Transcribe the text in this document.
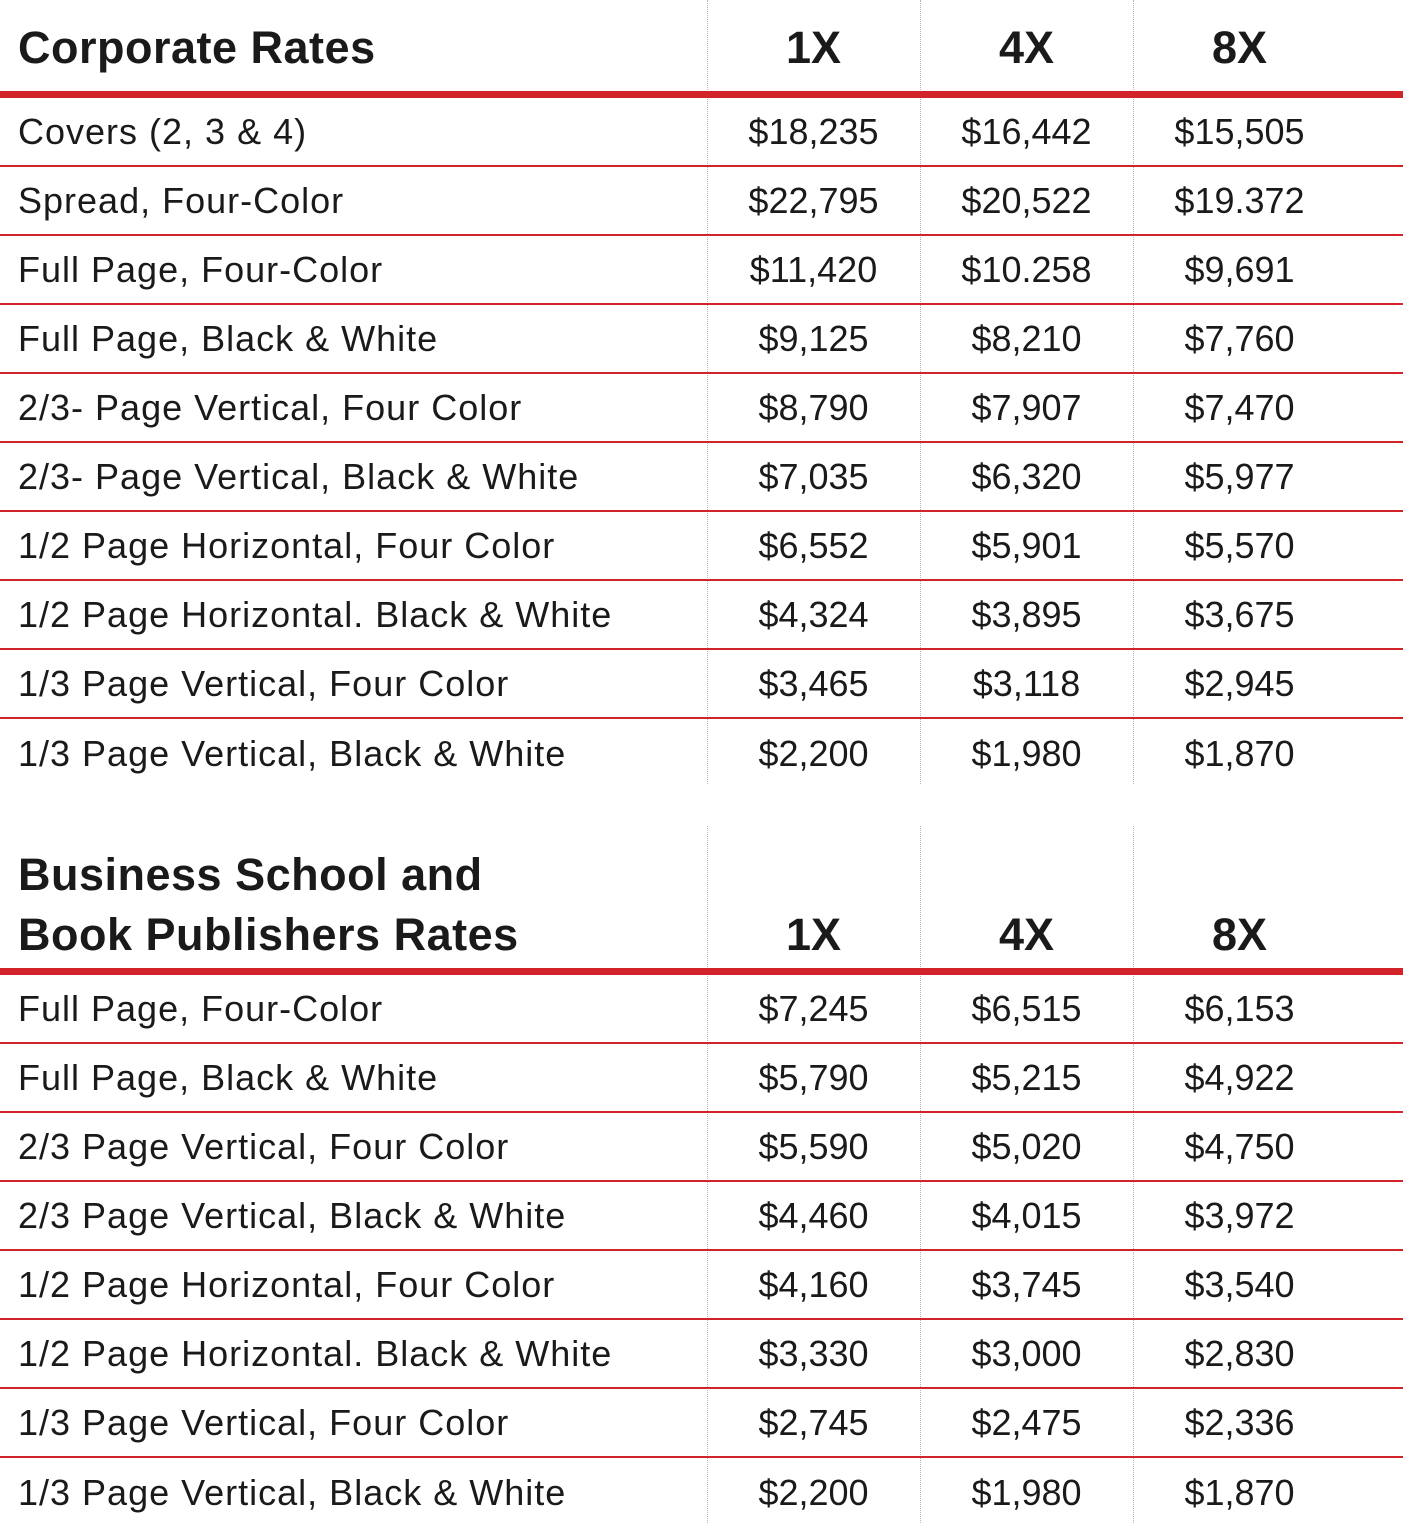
Corporate Rates	1X	4X	8X
Covers (2, 3 & 4)	$18,235	$16,442	$15,505
Spread, Four-Color	$22,795	$20,522	$19.372
Full Page, Four-Color	$11,420	$10.258	$9,691
Full Page, Black & White	$9,125	$8,210	$7,760
2/3- Page Vertical, Four Color	$8,790	$7,907	$7,470
2/3- Page Vertical, Black & White	$7,035	$6,320	$5,977
1/2 Page Horizontal, Four Color	$6,552	$5,901	$5,570
1/2 Page Horizontal. Black & White	$4,324	$3,895	$3,675
1/3 Page Vertical, Four Color	$3,465	$3,118	$2,945
1/3 Page Vertical, Black & White	$2,200	$1,980	$1,870
Business School and
Book Publishers Rates	1X	4X	8X
Full Page, Four-Color	$7,245	$6,515	$6,153
Full Page, Black & White	$5,790	$5,215	$4,922
2/3 Page Vertical, Four Color	$5,590	$5,020	$4,750
2/3 Page Vertical, Black & White	$4,460	$4,015	$3,972
1/2 Page Horizontal, Four Color	$4,160	$3,745	$3,540
1/2 Page Horizontal. Black & White	$3,330	$3,000	$2,830
1/3 Page Vertical, Four Color	$2,745	$2,475	$2,336
1/3 Page Vertical, Black & White	$2,200	$1,980	$1,870
